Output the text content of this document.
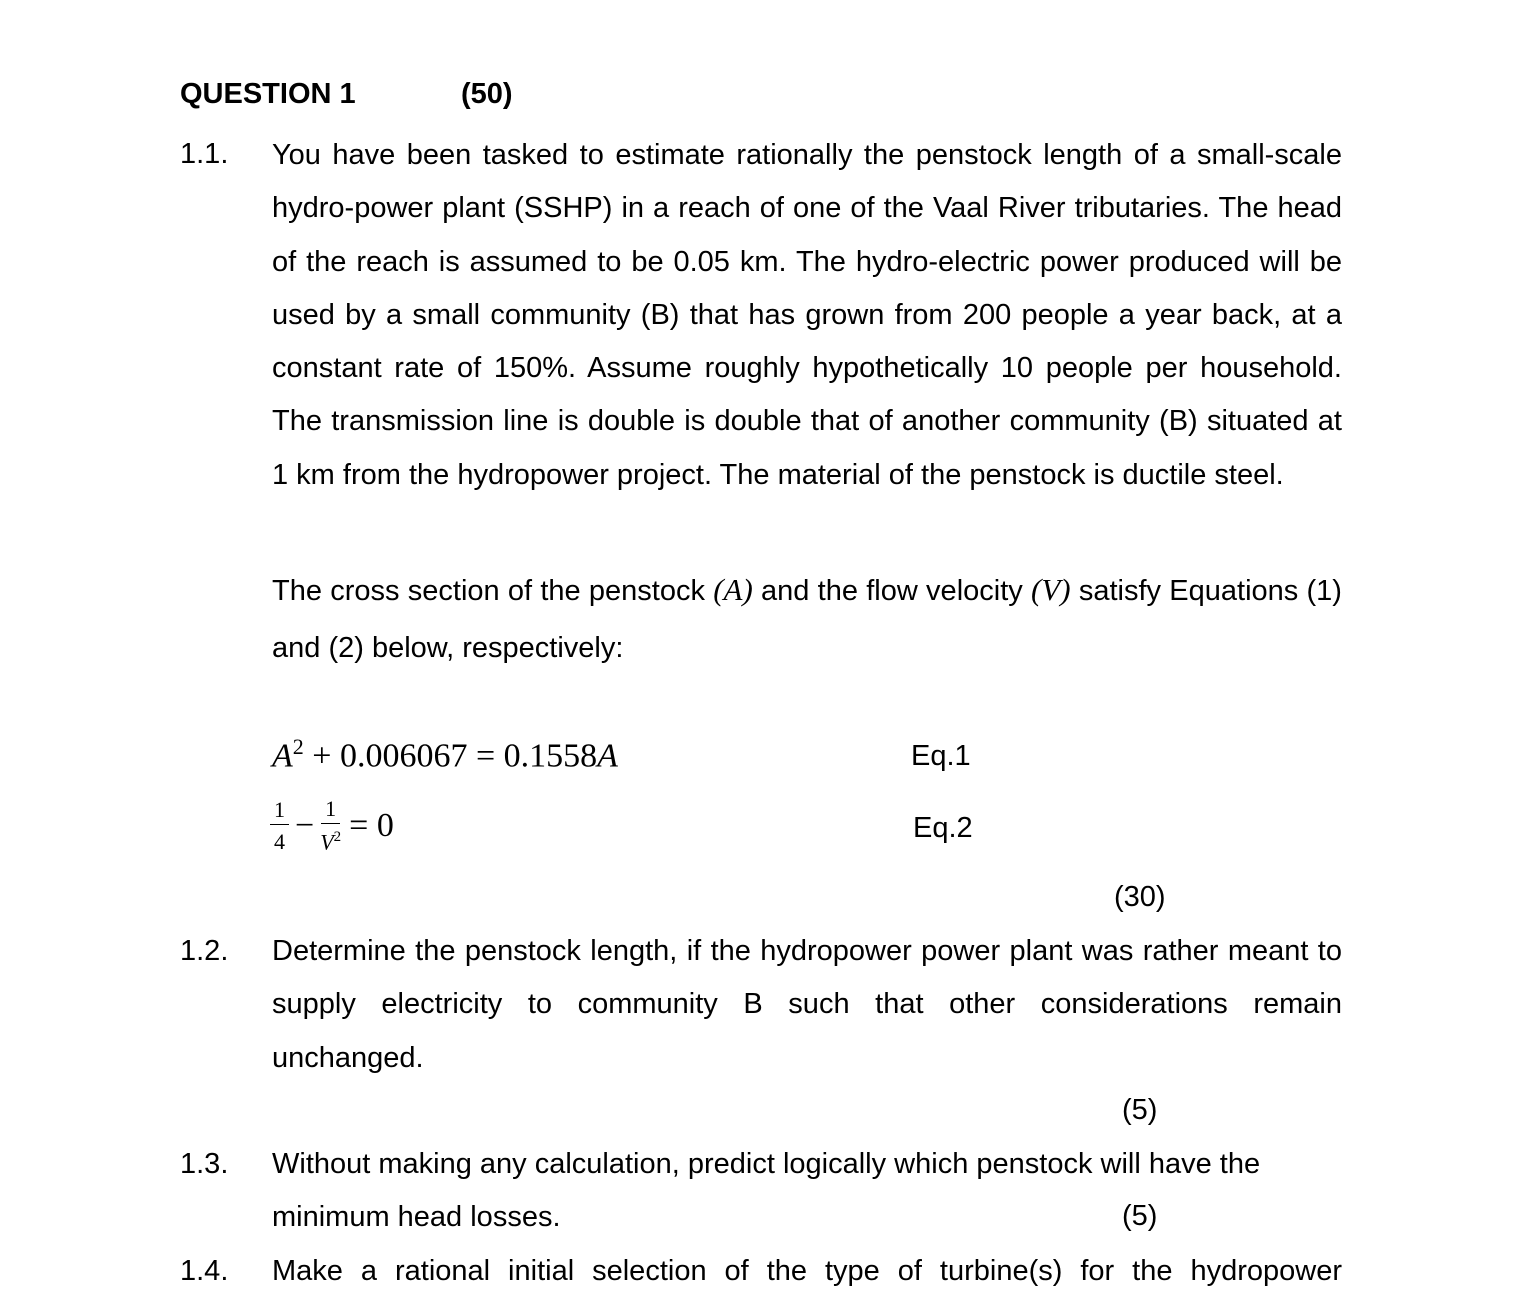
QUESTION 1	(50)
1.1. You have been tasked to estimate rationally the penstock length of a small-scale hydro-power plant (SSHP) in a reach of one of the Vaal River tributaries. The head of the reach is assumed to be 0.05 km. The hydro-electric power produced will be used by a small community (B) that has grown from 200 people a year back, at a constant rate of 150%. Assume roughly hypothetically 10 people per household. The transmission line is double is double that of another community (B) situated at 1 km from the hydropower project. The material of the penstock is ductile steel.
The cross section of the penstock (A) and the flow velocity (V) satisfy Equations (1) and (2) below, respectively:
$A^2 + 0.006067 = 0.1558A$	Eq.1
$\frac{1}{4} - \frac{1}{V^2} = 0$	Eq.2
(30)
1.2. Determine the penstock length, if the hydropower power plant was rather meant to supply electricity to community B such that other considerations remain unchanged.
(5)
1.3. Without making any calculation, predict logically which penstock will have the
minimum head losses.	(5)
1.4. Make a rational initial selection of the type of turbine(s) for the hydropower
